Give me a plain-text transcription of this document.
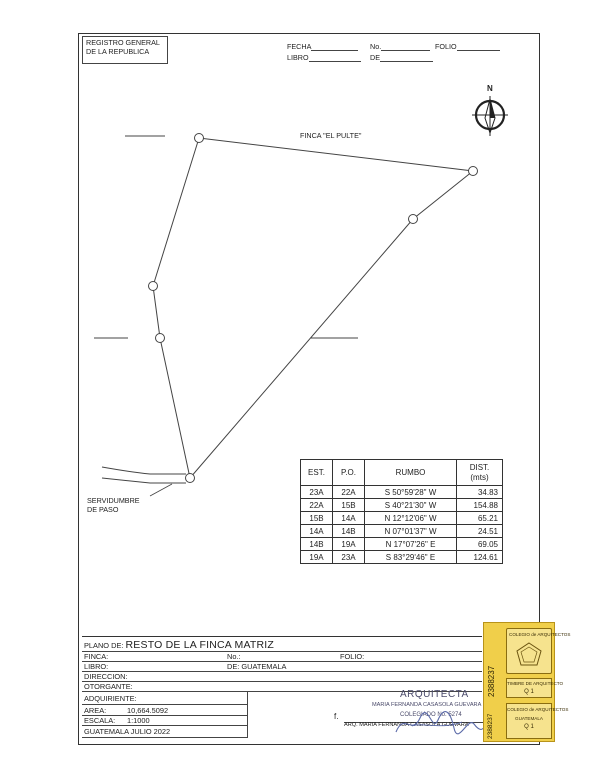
REGISTRO GENERAL
DE LA REPUBLICA
FECHA	No.	FOLIO
LIBRO	DE
N
FINCA "EL PULTE"
SERVIDUMBRE
DE PASO
EST.	P.O.	RUMBO	DIST.
(mts)
23A	22A	S 50°59'28" W	34.83
22A	15B	S 40°21'30" W	154.88
15B	14A	N 12°12'06" W	65.21
14A	14B	N 07°01'37" W	24.51
14B	19A	N 17°07'26" E	69.05
19A	23A	S 83°29'46" E	124.61
PLANO DE: RESTO DE LA FINCA MATRIZ
FINCA:	No.:	FOLIO:
LIBRO:	DE: GUATEMALA
DIRECCION:
OTORGANTE:
ADQUIRIENTE:
AREA:	10,664.5092
ESCALA: 1:1000
GUATEMALA JULIO 2022
f.
ARQUITECTA
MARIA FERNANDA CASASOLA GUEVARA
COLEGIADO No. 5274
ARQ. MARIA FERNANDA CASASOLA GUEVARA
COLEGIO de ARQUITECTOS
TIMBRE DE ARQUITECTO
Q 1
COLEGIO de ARQUITECTOS
GUATEMALA
Q 1
2388237
2388237
